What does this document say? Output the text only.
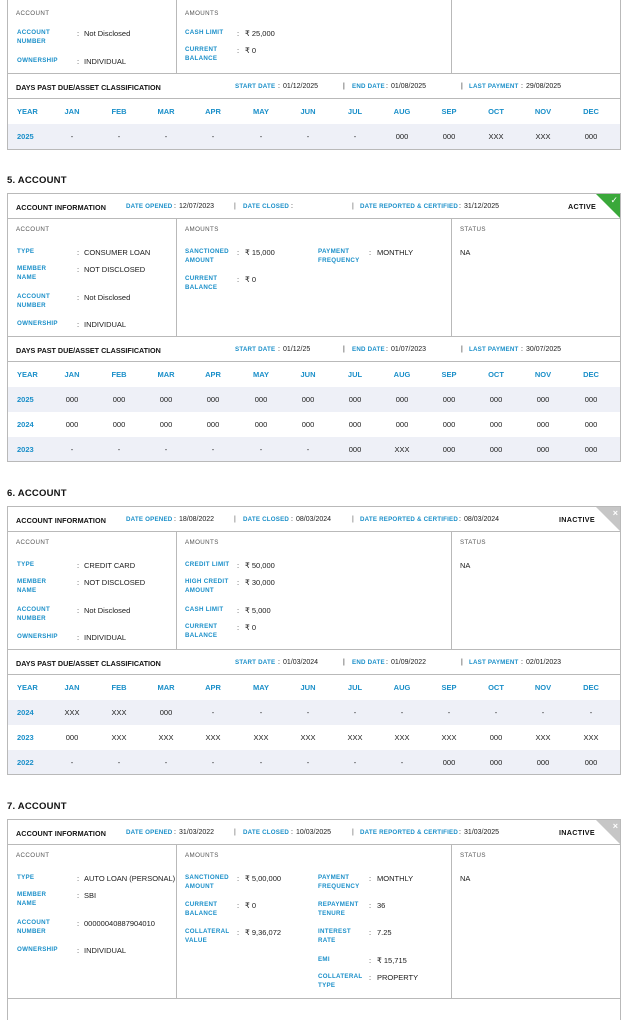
ACCOUNT
ACCOUNT NUMBER
: Not Disclosed
OWNERSHIP	: INDIVIDUAL
AMOUNTS
CASH LIMIT	: ₹ 25,000
CURRENT BALANCE
: ₹ 0
DAYS PAST DUE/ASSET CLASSIFICATION	START DATE : 01/12/2025	| END DATE : 01/08/2025	| LAST PAYMENT : 29/08/2025
YEAR	JAN	FEB	MAR	APR	MAY	JUN	JUL	AUG	SEP	OCT	NOV	DEC
2025	-	-	-	-	-	-	-	000	000	XXX	XXX	000
5. ACCOUNT
ACCOUNT INFORMATION	DATE OPENED : 12/07/2023	| DATE CLOSED :	| DATE REPORTED & CERTIFIED : 31/12/2025	ACTIVE
✓
ACCOUNT
TYPE	: CONSUMER LOAN
MEMBER NAME
: NOT DISCLOSED
ACCOUNT NUMBER
: Not Disclosed
OWNERSHIP	: INDIVIDUAL
AMOUNTS
SANCTIONED AMOUNT
: ₹ 15,000
CURRENT BALANCE
: ₹ 0
PAYMENT FREQUENCY
: MONTHLY
STATUS
NA
DAYS PAST DUE/ASSET CLASSIFICATION	START DATE : 01/12/25	| END DATE : 01/07/2023	| LAST PAYMENT : 30/07/2025
YEAR	JAN	FEB	MAR	APR	MAY	JUN	JUL	AUG	SEP	OCT	NOV	DEC
2025	000	000	000	000	000	000	000	000	000	000	000	000
2024	000	000	000	000	000	000	000	000	000	000	000	000
2023	-	-	-	-	-	-	000	XXX	000	000	000	000
6. ACCOUNT
ACCOUNT INFORMATION	DATE OPENED : 18/08/2022	| DATE CLOSED : 08/03/2024	| DATE REPORTED & CERTIFIED : 08/03/2024	INACTIVE
×
ACCOUNT
TYPE	: CREDIT CARD
MEMBER NAME
: NOT DISCLOSED
ACCOUNT NUMBER
: Not Disclosed
OWNERSHIP	: INDIVIDUAL
AMOUNTS
CREDIT LIMIT : ₹ 50,000
HIGH CREDIT AMOUNT
: ₹ 30,000
CASH LIMIT	: ₹ 5,000
CURRENT BALANCE
: ₹ 0
STATUS
NA
DAYS PAST DUE/ASSET CLASSIFICATION	START DATE : 01/03/2024	| END DATE : 01/09/2022	| LAST PAYMENT : 02/01/2023
YEAR	JAN	FEB	MAR	APR	MAY	JUN	JUL	AUG	SEP	OCT	NOV	DEC
2024	XXX	XXX	000	-	-	-	-	-	-	-	-	-
2023	000	XXX	XXX	XXX	XXX	XXX	XXX	XXX	XXX	000	XXX	XXX
2022	-	-	-	-	-	-	-	-	000	000	000	000
7. ACCOUNT
ACCOUNT INFORMATION	DATE OPENED : 31/03/2022	| DATE CLOSED : 10/03/2025	| DATE REPORTED & CERTIFIED : 31/03/2025	INACTIVE
×
ACCOUNT
TYPE	: AUTO LOAN (PERSONAL)
MEMBER NAME
: SBI
ACCOUNT NUMBER
: 00000040887904010
OWNERSHIP	: INDIVIDUAL
AMOUNTS
SANCTIONED AMOUNT
: ₹ 5,00,000
CURRENT BALANCE
: ₹ 0
COLLATERAL VALUE
: ₹ 9,36,072
PAYMENT FREQUENCY
: MONTHLY
REPAYMENT TENURE
: 36
INTEREST RATE
: 7.25
EMI	: ₹ 15,715
COLLATERAL TYPE
: PROPERTY
STATUS
NA
